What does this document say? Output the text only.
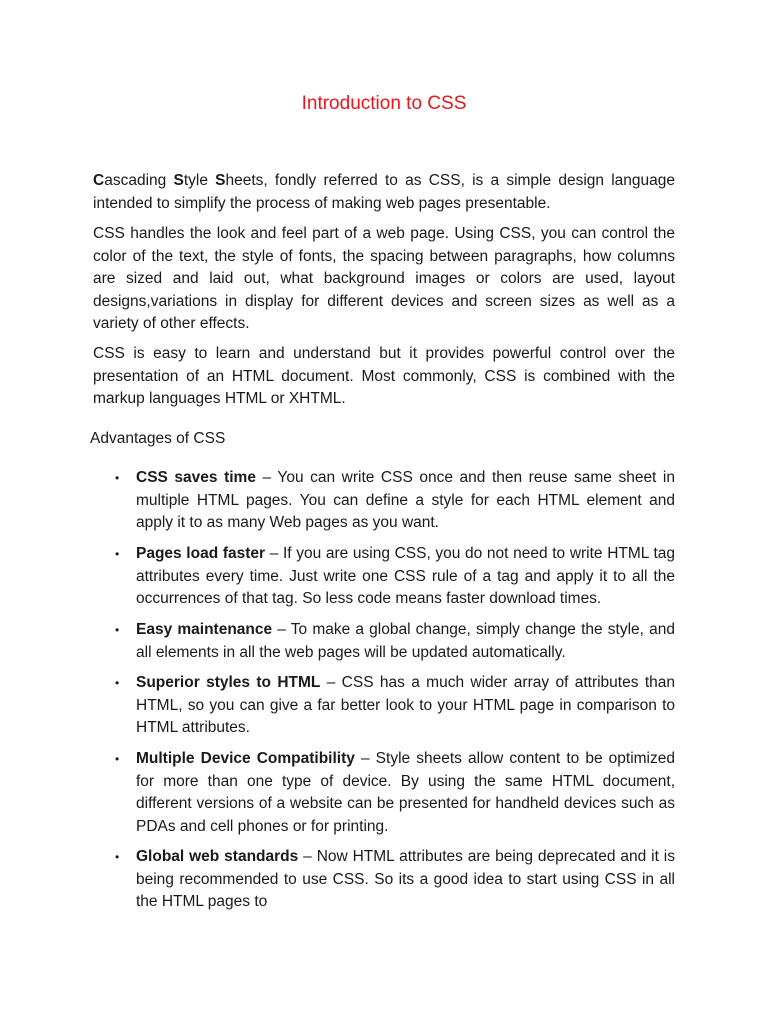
Introduction to CSS

Cascading Style Sheets, fondly referred to as CSS, is a simple design language intended to simplify the process of making web pages presentable.

CSS handles the look and feel part of a web page. Using CSS, you can control the color of the text, the style of fonts, the spacing between paragraphs, how columns are sized and laid out, what background images or colors are used, layout designs,variations in display for different devices and screen sizes as well as a variety of other effects.

CSS is easy to learn and understand but it provides powerful control over the presentation of an HTML document. Most commonly, CSS is combined with the markup languages HTML or XHTML.

Advantages of CSS
•	CSS saves time – You can write CSS once and then reuse same sheet in multiple HTML pages. You can define a style for each HTML element and apply it to as many Web pages as you want.
•	Pages load faster – If you are using CSS, you do not need to write HTML tag attributes every time. Just write one CSS rule of a tag and apply it to all the occurrences of that tag. So less code means faster download times.
•	Easy maintenance – To make a global change, simply change the style, and all elements in all the web pages will be updated automatically.
•	Superior styles to HTML – CSS has a much wider array of attributes than HTML, so you can give a far better look to your HTML page in comparison to HTML attributes.
•	Multiple Device Compatibility – Style sheets allow content to be optimized for more than one type of device. By using the same HTML document, different versions of a website can be presented for handheld devices such as PDAs and cell phones or for printing.
•	Global web standards – Now HTML attributes are being deprecated and it is being recommended to use CSS. So its a good idea to start using CSS in all the HTML pages to
